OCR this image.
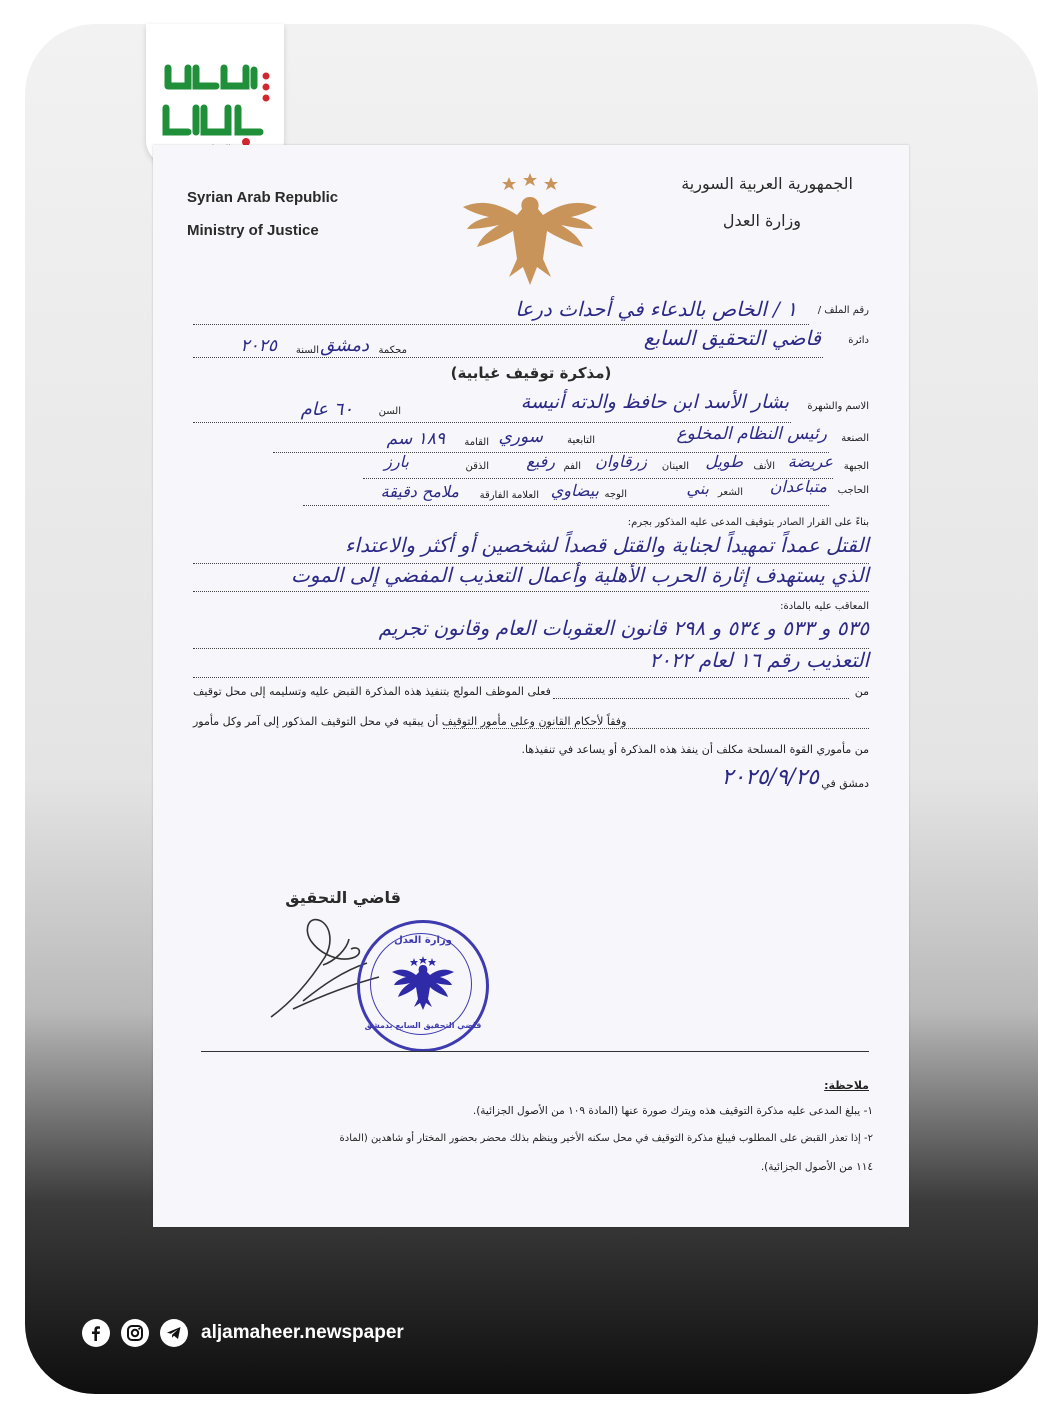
Syrian Arab Republic
Ministry of Justice
الجمهورية العربية السورية
وزارة العدل
رقم الملف /
١ / الخاص بالدعاء في أحداث درعا
دائرة
قاضي التحقيق السابع
محكمة
دمشق
السنة
٢٠٢٥
(مذكرة توقيف غيابية)
الاسم والشهرة
بشار الأسد ابن حافظ والدته أنيسة
السن
٦٠ عام
الصنعة
رئيس النظام المخلوع
التابعية
سوري
القامة
١٨٩ سم
الجبهة
عريضة
الأنف
طويل
العينان
زرقاوان
الفم
رفيع
الذقن
بارز
الحاجب
متباعدان
الشعر
بني
الوجه
بيضاوي
العلامة الفارقة
ملامح دقيقة
بناءً على القرار الصادر بتوقيف المدعى عليه المذكور بجرم:
القتل عمداً تمهيداً لجناية والقتل قصداً لشخصين أو أكثر والاعتداء
الذي يستهدف إثارة الحرب الأهلية وأعمال التعذيب المفضي إلى الموت
المعاقب عليه بالمادة:
٥٣٥ و ٥٣٣ و ٥٣٤ و ٢٩٨ قانون العقوبات العام وقانون تجريم
التعذيب رقم ١٦ لعام ٢٠٢٢
من
فعلى الموظف المولج بتنفيذ هذه المذكرة القبض عليه وتسليمه إلى محل توقيف
وفقاً لأحكام القانون وعلى مأمور التوقيف أن يبقيه في محل التوقيف المذكور إلى آمر وكل مأمور
من مأموري القوة المسلحة مكلف أن ينفذ هذه المذكرة أو يساعد في تنفيذها.
دمشق في
٢٠٢٥/٩/٢٥
قاضي التحقيق
وزارة العدل
قاضي التحقيق السابع بدمشق
ملاحظة:
١- يبلغ المدعى عليه مذكرة التوقيف هذه ويترك صورة عنها (المادة ١٠٩ من الأصول الجزائية).
٢- إذا تعذر القبض على المطلوب فيبلغ مذكرة التوقيف في محل سكنه الأخير وينظم بذلك محضر بحضور المختار أو شاهدين (المادة
١١٤ من الأصول الجزائية).
aljamaheer.newspaper
